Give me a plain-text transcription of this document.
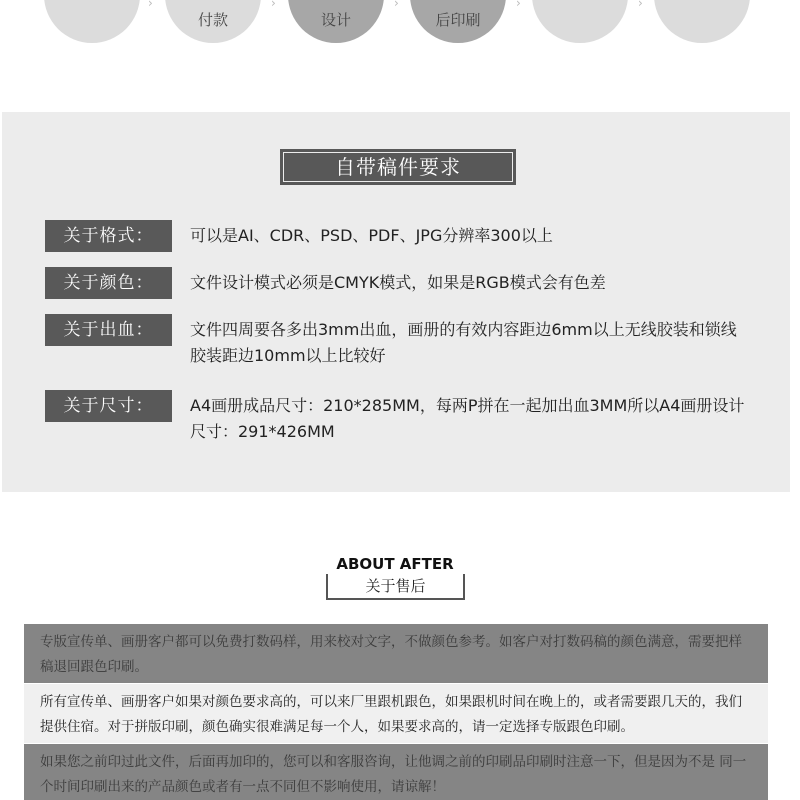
›
付款
›
设计
›
后印刷
›	›
自带稿件要求
关于格式：	可以是AI、CDR、PSD、PDF、JPG分辨率300以上
关于颜色：	文件设计模式必须是CMYK模式，如果是RGB模式会有色差
关于出血：	文件四周要各多出3mm出血，画册的有效内容距边6mm以上无线胶装和锁线胶装距边10mm以上比较好
关于尺寸：	A4画册成品尺寸：210*285MM，每两P拼在一起加出血3MM所以A4画册设计尺寸：291*426MM
ABOUT AFTER
关于售后
专版宣传单、画册客户都可以免费打数码样，用来校对文字，不做颜色参考。如客户对打数码稿的颜色满意，需要把样稿退回跟色印刷。
所有宣传单、画册客户如果对颜色要求高的，可以来厂里跟机跟色，如果跟机时间在晚上的，或者需要跟几天的，我们提供住宿。对于拼版印刷，颜色确实很难满足每一个人，如果要求高的，请一定选择专版跟色印刷。
如果您之前印过此文件，后面再加印的，您可以和客服咨询，让他调之前的印刷品印刷时注意一下，但是因为不是 同一个时间印刷出来的产品颜色或者有一点不同但不影响使用，请谅解！
